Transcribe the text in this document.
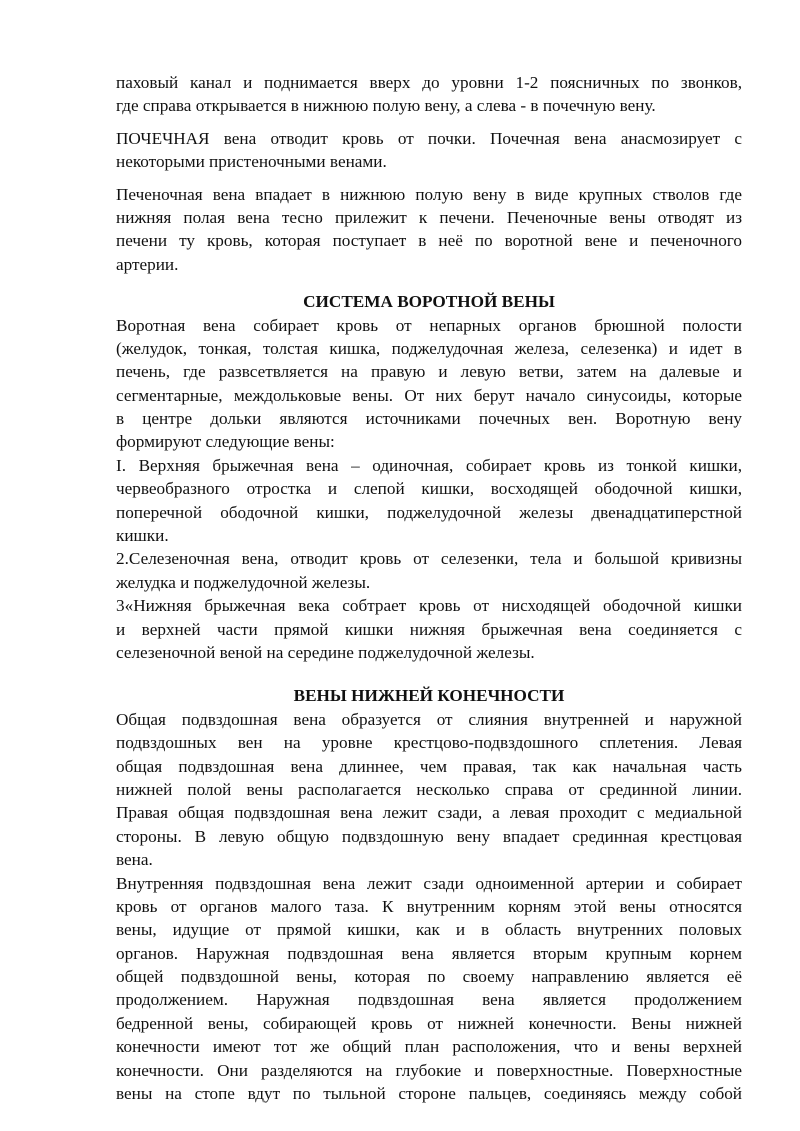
паховый канал и поднимается вверх до уровни 1-2 поясничных по звонков,
где справа открывается в нижнюю полую вену, а слева - в почечную вену.
ПОЧЕЧНАЯ вена отводит кровь от почки. Почечная вена анасмозирует с
некоторыми пристеночными венами.
Печеночная вена впадает в нижнюю полую вену в виде крупных стволов где
нижняя полая вена тесно прилежит к печени. Печеночные вены отводят из
печени ту кровь, которая поступает в неё по воротной вене и печеночного
артерии.
СИСТЕМА ВОРОТНОЙ ВЕНЫ
Воротная вена собирает кровь от непарных органов брюшной полости
(желудок, тонкая, толстая кишка, поджелудочная железа, селезенка) и идет в
печень, где развсетвляется на правую и левую ветви, затем на далевые и
сегментарные, междольковые вены. От них берут начало синусоиды, которые
в центре дольки являются источниками почечных вен. Воротную вену
формируют следующие вены:
I. Верхняя брыжечная вена – одиночная, собирает кровь из тонкой кишки,
червеобразного отростка и слепой кишки, восходящей ободочной кишки,
поперечной ободочной кишки, поджелудочной железы двенадцатиперстной
кишки.
2.Селезеночная вена, отводит кровь от селезенки, тела и большой кривизны
желудка и поджелудочной железы.
3«Нижняя брыжечная века собтрает кровь от нисходящей ободочной кишки
и верхней части прямой кишки нижняя брыжечная вена соединяется с
селезеночной веной на середине поджелудочной железы.
ВЕНЫ НИЖНЕЙ КОНЕЧНОСТИ
Общая подвздошная вена образуется от слияния внутренней и наружной
подвздошных вен на уровне крестцово-подвздошного сплетения. Левая
общая подвздошная вена длиннее, чем правая, так как начальная часть
нижней полой вены располагается несколько справа от срединной линии.
Правая общая подвздошная вена лежит сзади, а левая проходит с медиальной
стороны. В левую общую подвздошную вену впадает срединная крестцовая
вена.
Внутренняя подвздошная вена лежит сзади одноименной артерии и собирает
кровь от органов малого таза. К внутренним корням этой вены относятся
вены, идущие от прямой кишки, как и в область внутренних половых
органов. Наружная подвздошная вена является вторым крупным корнем
общей подвздошной вены, которая по своему направлению является её
продолжением. Наружная подвздошная вена является продолжением
бедренной вены, собирающей кровь от нижней конечности. Вены нижней
конечности имеют тот же общий план расположения, что и вены верхней
конечности. Они разделяются на глубокие и поверхностные. Поверхностные
вены на стопе вдут по тыльной стороне пальцев, соединяясь между собой
